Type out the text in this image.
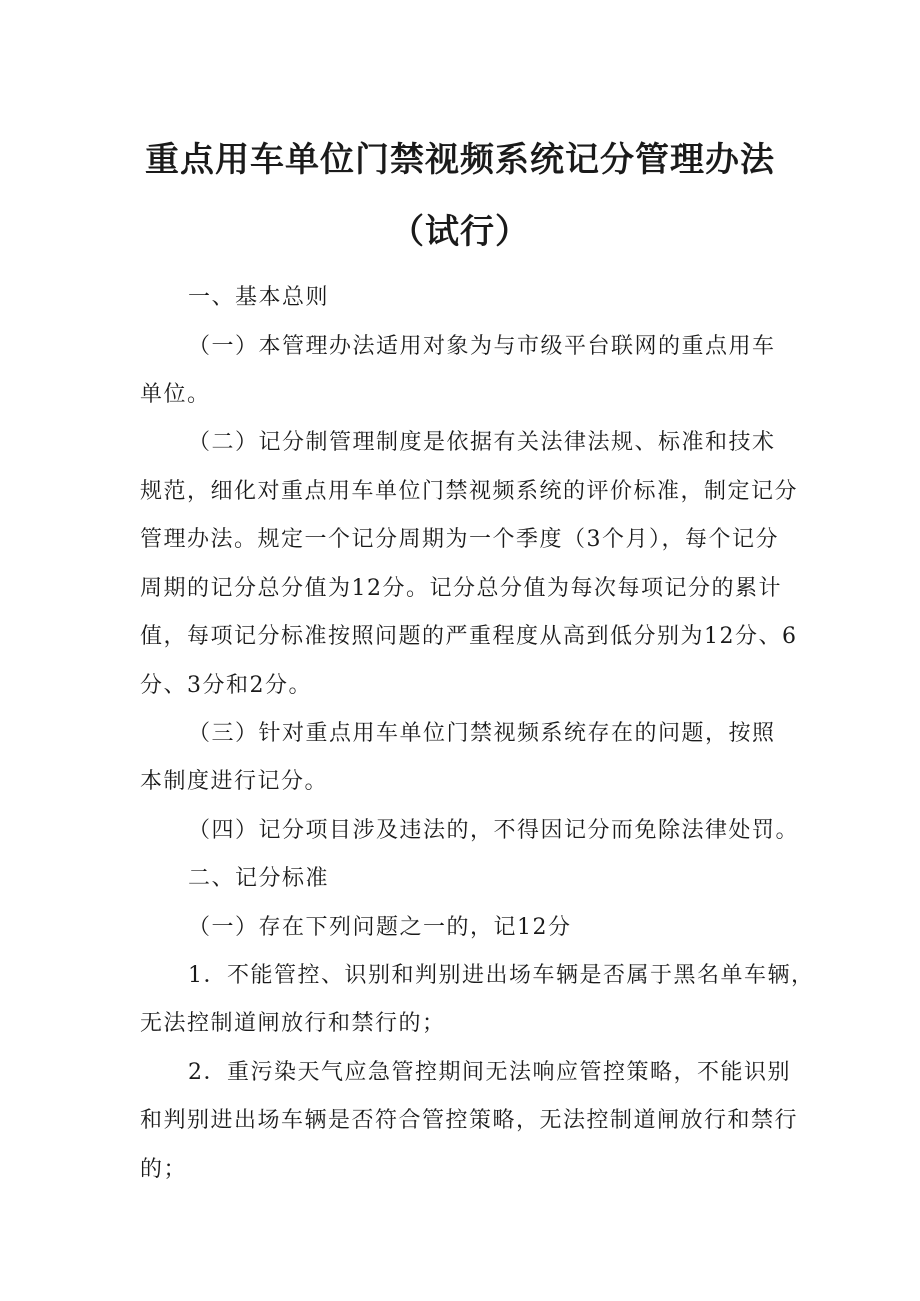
重点用车单位门禁视频系统记分管理办法
（试行）

一、基本总则

（一）本管理办法适用对象为与市级平台联网的重点用车

单位。

（二）记分制管理制度是依据有关法律法规、标准和技术

规范，细化对重点用车单位门禁视频系统的评价标准，制定记分

管理办法。规定一个记分周期为一个季度（3个月），每个记分

周期的记分总分值为12分。记分总分值为每次每项记分的累计

值，每项记分标准按照问题的严重程度从高到低分别为12分、6

分、3分和2分。

（三）针对重点用车单位门禁视频系统存在的问题，按照

本制度进行记分。

（四）记分项目涉及违法的，不得因记分而免除法律处罚。

二、记分标准

（一）存在下列问题之一的，记12分

1．不能管控、识别和判别进出场车辆是否属于黑名单车辆，

无法控制道闸放行和禁行的；

2．重污染天气应急管控期间无法响应管控策略，不能识别

和判别进出场车辆是否符合管控策略，无法控制道闸放行和禁行

的；
